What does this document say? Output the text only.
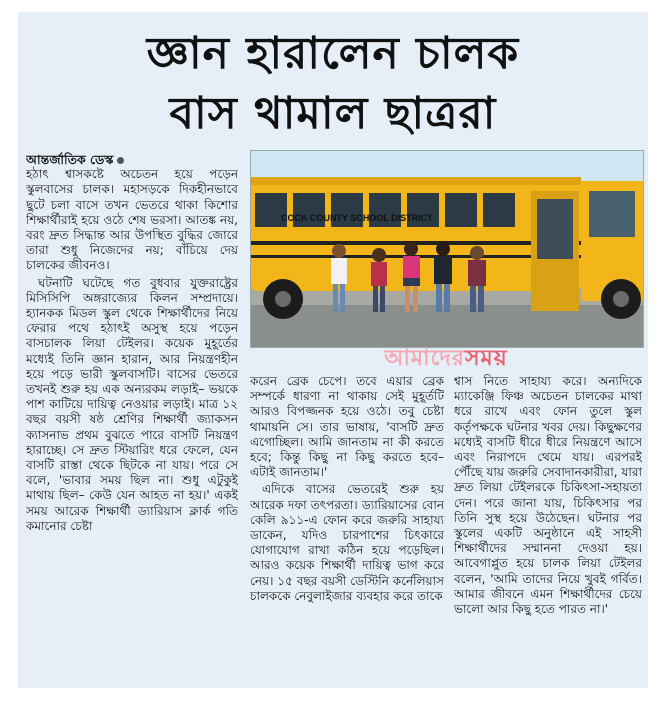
জ্ঞান হারালেন চালক
বাস থামাল ছাত্ররা
আন্তর্জাতিক ডেস্ক

হঠাৎ শ্বাসকষ্টে অচেতন হয়ে পড়েন স্কুলবাসের চালক। মহাসড়কে দিকহীনভাবে ছুটে চলা বাসে তখন ভেতরে থাকা কিশোর শিক্ষার্থীরাই হয়ে ওঠে শেষ ভরসা। আতঙ্ক নয়, বরং দ্রুত সিদ্ধান্ত আর উপস্থিত বুদ্ধির জোরে তারা শুধু নিজেদের নয়; বাঁচিয়ে দেয় চালকের জীবনও।

ঘটনাটি ঘটেছে গত বুধবার যুক্তরাষ্ট্রের মিসিসিপি অঙ্গরাজ্যের কিলন সম্প্রদায়ে। হ্যানকক মিডল স্কুল থেকে শিক্ষার্থীদের নিয়ে ফেরার পথে হঠাৎই অসুস্থ হয়ে পড়েন বাসচালক লিয়া টেইলর। কয়েক মুহূর্তের মধ্যেই তিনি জ্ঞান হারান, আর নিয়ন্ত্রণহীন হয়ে পড়ে ভারী স্কুলবাসটি। বাসের ভেতরে তখনই শুরু হয় এক অন্যরকম লড়াই– ভয়কে পাশ কাটিয়ে দায়িত্ব নেওয়ার লড়াই। মাত্র ১২ বছর বয়সী ষষ্ঠ শ্রেণির শিক্ষার্থী জ্যাকসন ক্যাসনাভ প্রথম বুঝতে পারে বাসটি নিয়ন্ত্রণ হারাচ্ছে। সে দ্রুত স্টিয়ারিং ধরে ফেলে, যেন বাসটি রাস্তা থেকে ছিটকে না যায়। পরে সে বলে, 'ভাবার সময় ছিল না। শুধু এটুকুই মাথায় ছিল– কেউ যেন আহত না হয়।' একই সময় আরেক শিক্ষার্থী ড্যারিয়াস ক্লার্ক গতি কমানোর চেষ্টা

COCK COUNTY SCHOOL DISTRICT
আমাদেরসময়

করেন ব্রেক চেপে। তবে এয়ার ব্রেক সম্পর্কে ধারণা না থাকায় সেই মুহূর্তটি আরও বিপজ্জনক হয়ে ওঠে। তবু চেষ্টা থামায়নি সে। তার ভাষায়, 'বাসটি দ্রুত এগোচ্ছিল। আমি জানতাম না কী করতে হবে; কিন্তু কিছু না কিছু করতে হবে– এটাই জানতাম।'

এদিকে বাসের ভেতরেই শুরু হয় আরেক দফা তৎপরতা। ড্যারিয়াসের বোন কেলি ৯১১-এ ফোন করে জরুরি সাহায্য ডাকেন, যদিও চারপাশের চিৎকারে যোগাযোগ রাখা কঠিন হয়ে পড়েছিল। আরও কয়েক শিক্ষার্থী দায়িত্ব ভাগ করে নেয়। ১৫ বছর বয়সী ডেস্টিনি কর্নেলিয়াস চালককে নেবুলাইজার ব্যবহার করে তাকে

শ্বাস নিতে সাহায্য করে। অন্যদিকে ম্যাকেঞ্জি ফিঞ্চ অচেতন চালকের মাথা ধরে রাখে এবং ফোন তুলে স্কুল কর্তৃপক্ষকে ঘটনার খবর দেয়। কিছুক্ষণের মধ্যেই বাসটি ধীরে ধীরে নিয়ন্ত্রণে আসে এবং নিরাপদে থেমে যায়। এরপরই পৌঁছে যায় জরুরি সেবাদানকারীরা, যারা দ্রুত লিয়া টেইলরকে চিকিৎসা-সহায়তা দেন। পরে জানা যায়, চিকিৎসার পর তিনি সুস্থ হয়ে উঠেছেন। ঘটনার পর স্কুলের একটি অনুষ্ঠানে এই সাহসী শিক্ষার্থীদের সম্মাননা দেওয়া হয়। আবেগাপ্লুত হয়ে চালক লিয়া টেইলর বলেন, 'আমি তাদের নিয়ে খুবই গর্বিত। আমার জীবনে এমন শিক্ষার্থীদের চেয়ে ভালো আর কিছু হতে পারত না।'
